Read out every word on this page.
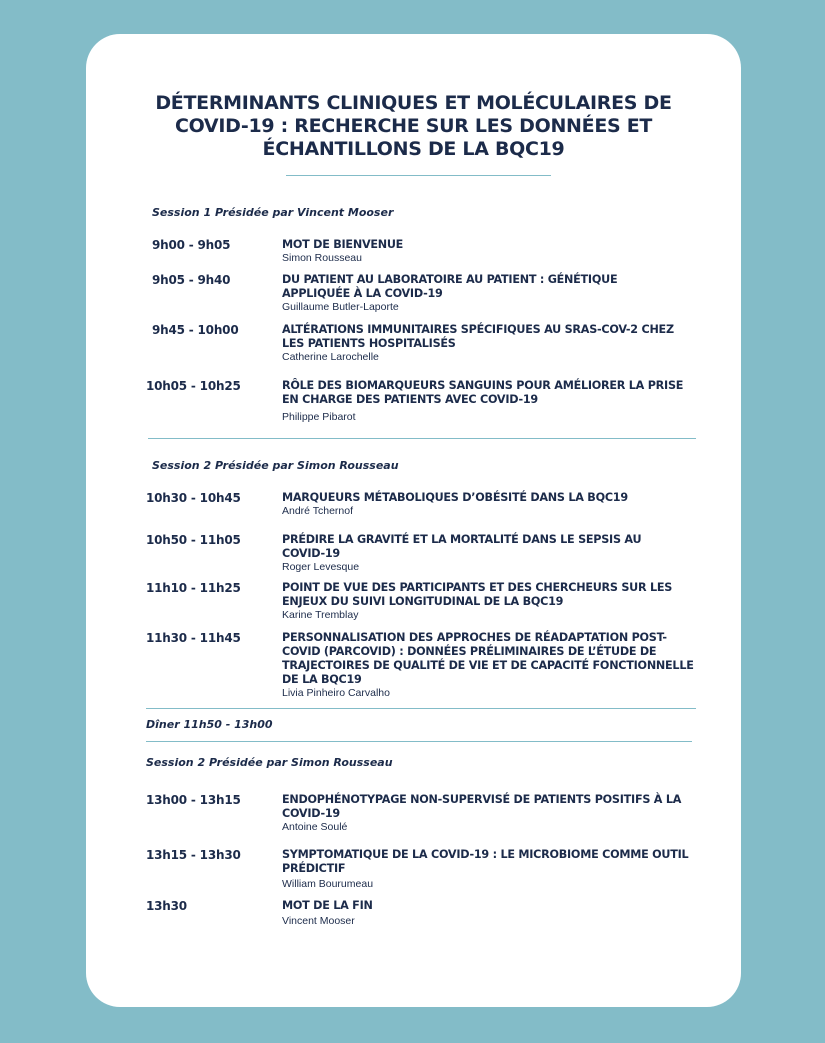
DÉTERMINANTS CLINIQUES ET MOLÉCULAIRES DE
COVID-19 : RECHERCHE SUR LES DONNÉES ET
ÉCHANTILLONS DE LA BQC19
Session 1 Présidée par Vincent Mooser
9h00 - 9h05	MOT DE BIENVENUE
Simon Rousseau
9h05 - 9h40	DU PATIENT AU LABORATOIRE AU PATIENT : GÉNÉTIQUE
APPLIQUÉE À LA COVID-19
Guillaume Butler-Laporte
9h45 - 10h00	ALTÉRATIONS IMMUNITAIRES SPÉCIFIQUES AU SRAS-COV-2 CHEZ
LES PATIENTS HOSPITALISÉS
Catherine Larochelle
10h05 - 10h25	RÔLE DES BIOMARQUEURS SANGUINS POUR AMÉLIORER LA PRISE
EN CHARGE DES PATIENTS AVEC COVID-19
Philippe Pibarot
Session 2 Présidée par Simon Rousseau
10h30 - 10h45	MARQUEURS MÉTABOLIQUES D’OBÉSITÉ DANS LA BQC19
André Tchernof
10h50 - 11h05	PRÉDIRE LA GRAVITÉ ET LA MORTALITÉ DANS LE SEPSIS AU
COVID-19
Roger Levesque
11h10 - 11h25	POINT DE VUE DES PARTICIPANTS ET DES CHERCHEURS SUR LES
ENJEUX DU SUIVI LONGITUDINAL DE LA BQC19
Karine Tremblay
11h30 - 11h45	PERSONNALISATION DES APPROCHES DE RÉADAPTATION POST-
COVID (PARCOVID) : DONNÉES PRÉLIMINAIRES DE L’ÉTUDE DE
TRAJECTOIRES DE QUALITÉ DE VIE ET DE CAPACITÉ FONCTIONNELLE
DE LA BQC19
Livia Pinheiro Carvalho
Dîner 11h50 - 13h00
Session 2 Présidée par Simon Rousseau
13h00 - 13h15	ENDOPHÉNOTYPAGE NON-SUPERVISÉ DE PATIENTS POSITIFS À LA
COVID-19
Antoine Soulé
13h15 - 13h30	SYMPTOMATIQUE DE LA COVID-19 : LE MICROBIOME COMME OUTIL
PRÉDICTIF
William Bourumeau
13h30	MOT DE LA FIN
Vincent Mooser
